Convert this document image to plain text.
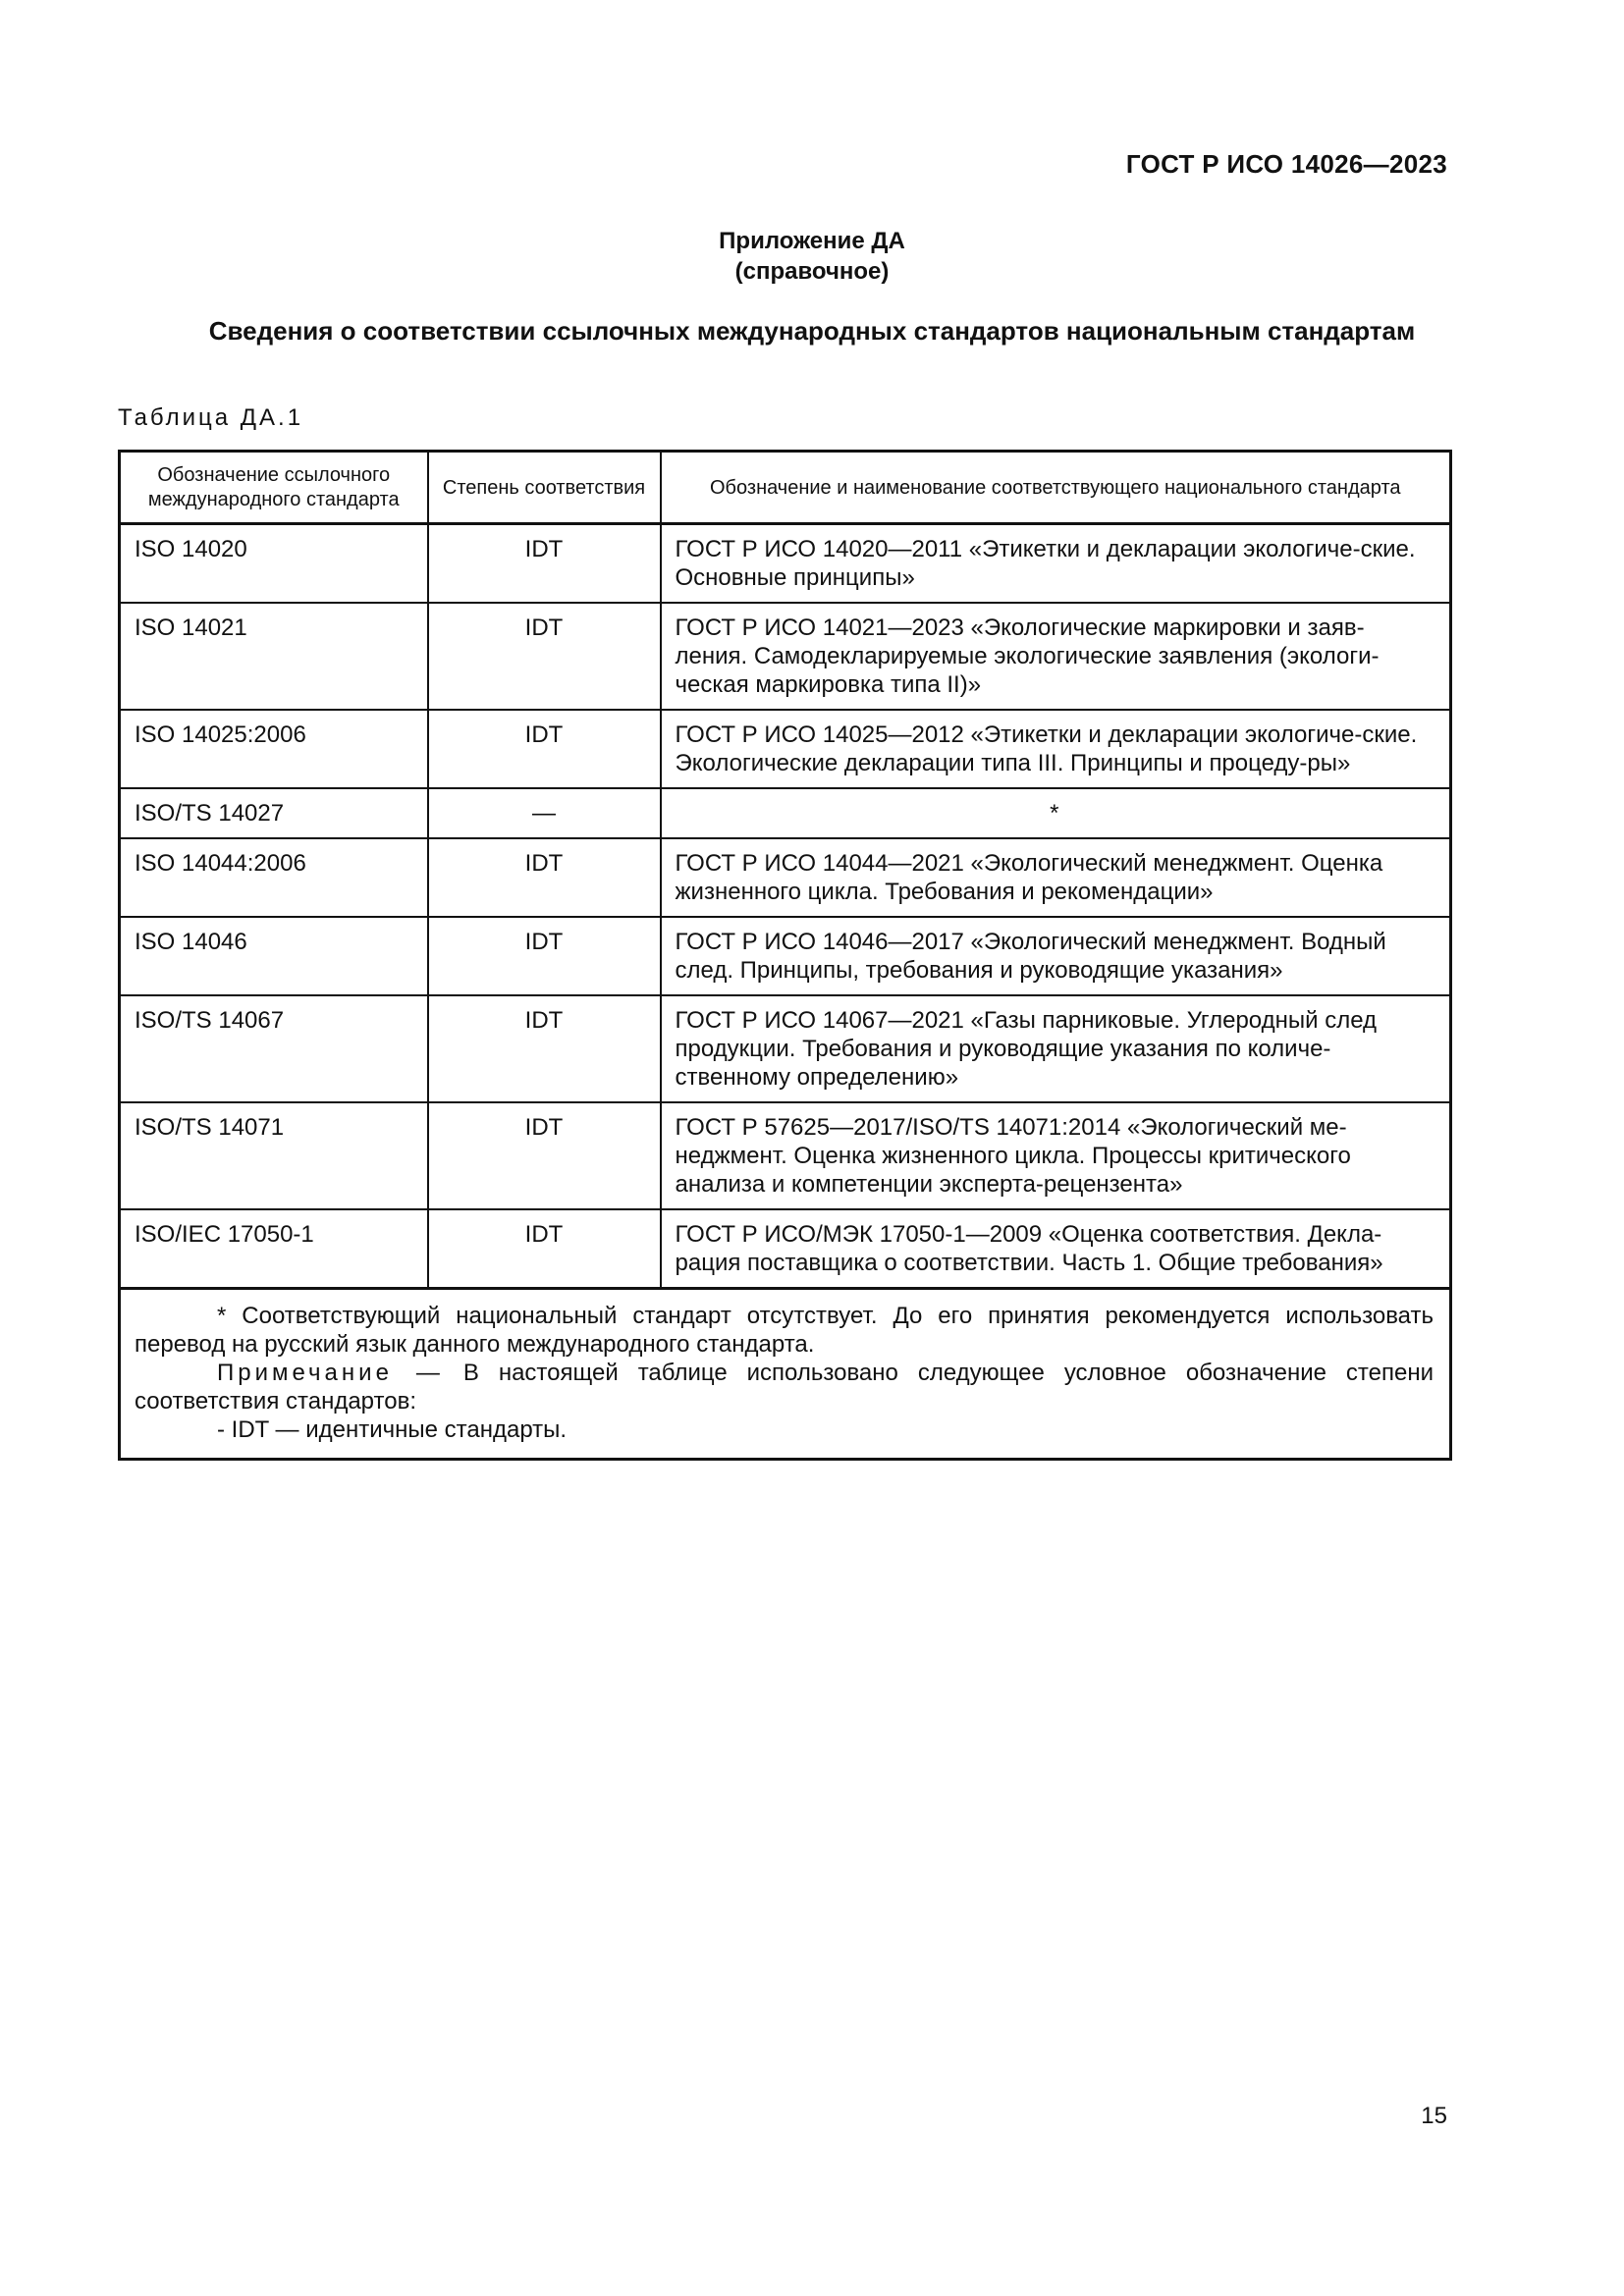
ГОСТ Р ИСО 14026—2023
Приложение ДА
(справочное)
Сведения о соответствии ссылочных международных стандартов национальным стандартам
Таблица ДА.1
Обозначение ссылочного международного стандарта	Степень соответствия	Обозначение и наименование соответствующего национального стандарта
ISO 14020	IDT	ГОСТ Р ИСО 14020—2011 «Этикетки и декларации экологиче-ские. Основные принципы»
ISO 14021	IDT	ГОСТ Р ИСО 14021—2023 «Экологические маркировки и заяв-ления. Самодекларируемые экологические заявления (экологи-ческая маркировка типа II)»
ISO 14025:2006	IDT	ГОСТ Р ИСО 14025—2012 «Этикетки и декларации экологиче-ские. Экологические декларации типа III. Принципы и процеду-ры»
ISO/TS 14027	—	*
ISO 14044:2006	IDT	ГОСТ Р ИСО 14044—2021 «Экологический менеджмент. Оценка жизненного цикла. Требования и рекомендации»
ISO 14046	IDT	ГОСТ Р ИСО 14046—2017 «Экологический менеджмент. Водный след. Принципы, требования и руководящие указания»
ISO/TS 14067	IDT	ГОСТ Р ИСО 14067—2021 «Газы парниковые. Углеродный след продукции. Требования и руководящие указания по количе-ственному определению»
ISO/TS 14071	IDT	ГОСТ Р 57625—2017/ISO/TS 14071:2014 «Экологический ме-неджмент. Оценка жизненного цикла. Процессы критического анализа и компетенции эксперта-рецензента»
ISO/IEC 17050-1	IDT	ГОСТ Р ИСО/МЭК 17050-1—2009 «Оценка соответствия. Декла-рация поставщика о соответствии. Часть 1. Общие требования»

* Соответствующий национальный стандарт отсутствует. До его принятия рекомендуется использовать перевод на русский язык данного международного стандарта.
Примечание — В настоящей таблице использовано следующее условное обозначение степени соответствия стандартов:
- IDT — идентичные стандарты.		
15
